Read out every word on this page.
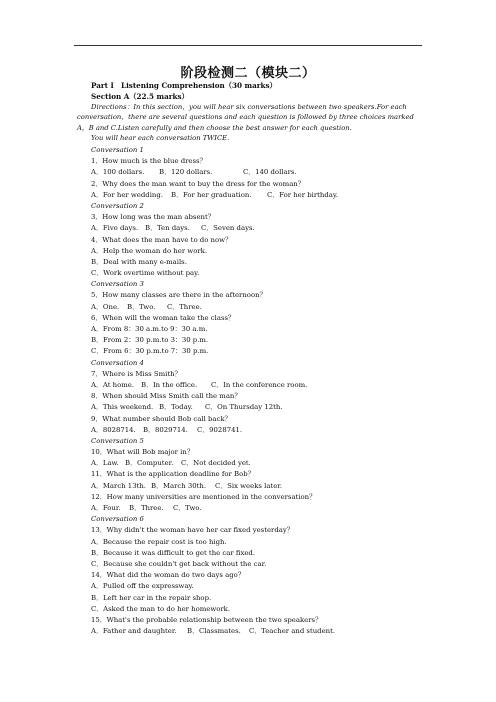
阶段检测二（模块二）
Part Ⅰ　Listening Comprehension（30 marks）
Section A（22.5 marks）
Directions：In this section，you will hear six conversations between two speakers.For each conversation，there are several questions and each question is followed by three choices marked A，B and C.Listen carefully and then choose the best answer for each question.
You will hear each conversation TWICE.
Conversation 1
1．How much is the blue dress？
A．100 dollars. B．120 dollars.	C．140 dollars.
2．Why does the man want to buy the dress for the woman？
A．For her wedding. B．For her graduation. C．For her birthday.
Conversation 2
3．How long was the man absent？
A．Five days. B．Ten days. C．Seven days.
4．What does the man have to do now？
A．Help the woman do her work.
B．Deal with many e-mails.
C．Work overtime without pay.
Conversation 3
5．How many classes are there in the afternoon？
A．One. B．Two. C．Three.
6．When will the woman take the class？
A．From 8：30 a.m.to 9：30 a.m.
B．From 2：30 p.m.to 3：30 p.m.
C．From 6：30 p.m.to 7：30 p.m.
Conversation 4
7．Where is Miss Smith？
A．At home. B．In the office. C．In the conference room.
8．When should Miss Smith call the man？
A．This weekend. B．Today. C．On Thursday 12th.
9．What number should Bob call back？
A．8028714. B．8029714. C．9028741.
Conversation 5
10．What will Bob major in？
A．Law. B．Computer. C．Not decided yet.
11．What is the application deadline for Bob？
A．March 13th. B．March 30th. C．Six weeks later.
12．How many universities are mentioned in the conversation？
A．Four. B．Three. C．Two.
Conversation 6
13．Why didn't the woman have her car fixed yesterday？
A．Because the repair cost is too high.
B．Because it was difficult to get the car fixed.
C．Because she couldn't get back without the car.
14．What did the woman do two days ago？
A．Pulled off the expressway.
B．Left her car in the repair shop.
C．Asked the man to do her homework.
15．What's the probable relationship between the two speakers？
A．Father and daughter. B．Classmates. C．Teacher and student.
